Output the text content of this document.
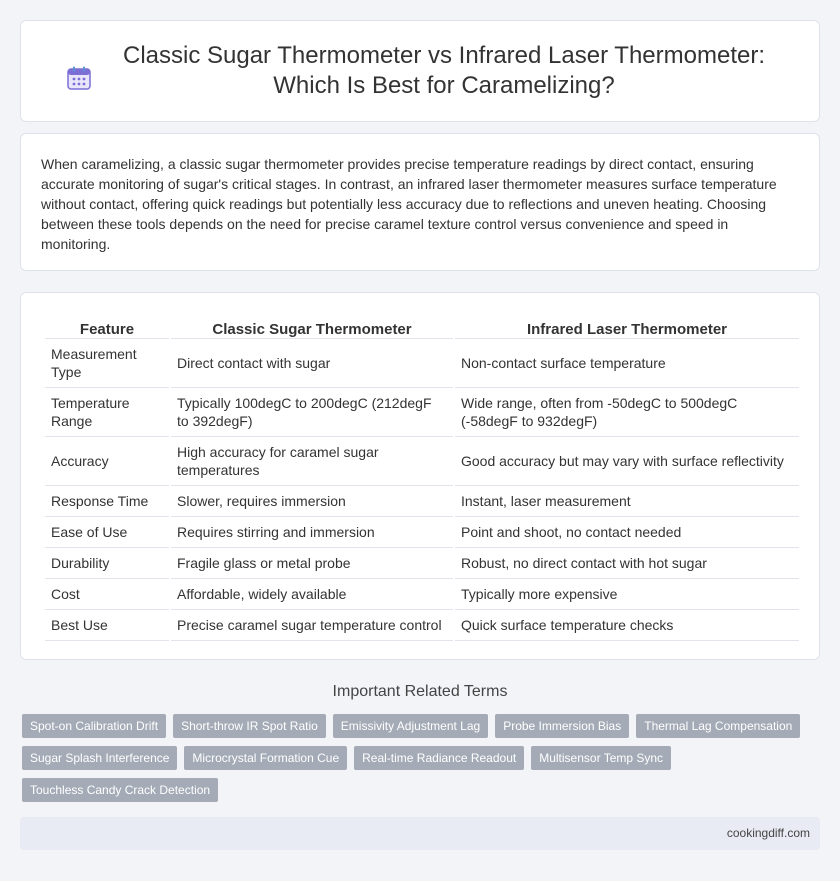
Classic Sugar Thermometer vs Infrared Laser Thermometer: Which Is Best for Caramelizing?

When caramelizing, a classic sugar thermometer provides precise temperature readings by direct contact, ensuring accurate monitoring of sugar's critical stages. In contrast, an infrared laser thermometer measures surface temperature without contact, offering quick readings but potentially less accuracy due to reflections and uneven heating. Choosing between these tools depends on the need for precise caramel texture control versus convenience and speed in monitoring.

Feature	Classic Sugar Thermometer	Infrared Laser Thermometer
Measurement Type	Direct contact with sugar	Non-contact surface temperature
Temperature Range	Typically 100degC to 200degC (212degF to 392degF)	Wide range, often from -50degC to 500degC (-58degF to 932degF)
Accuracy	High accuracy for caramel sugar temperatures	Good accuracy but may vary with surface reflectivity
Response Time	Slower, requires immersion	Instant, laser measurement
Ease of Use	Requires stirring and immersion	Point and shoot, no contact needed
Durability	Fragile glass or metal probe	Robust, no direct contact with hot sugar
Cost	Affordable, widely available	Typically more expensive
Best Use	Precise caramel sugar temperature control	Quick surface temperature checks
Important Related Terms
Spot-on Calibration Drift	Short-throw IR Spot Ratio	Emissivity Adjustment Lag	Probe Immersion Bias	Thermal Lag Compensation
Sugar Splash Interference	Microcrystal Formation Cue	Real-time Radiance Readout	Multisensor Temp Sync
Touchless Candy Crack Detection
cookingdiff.com
